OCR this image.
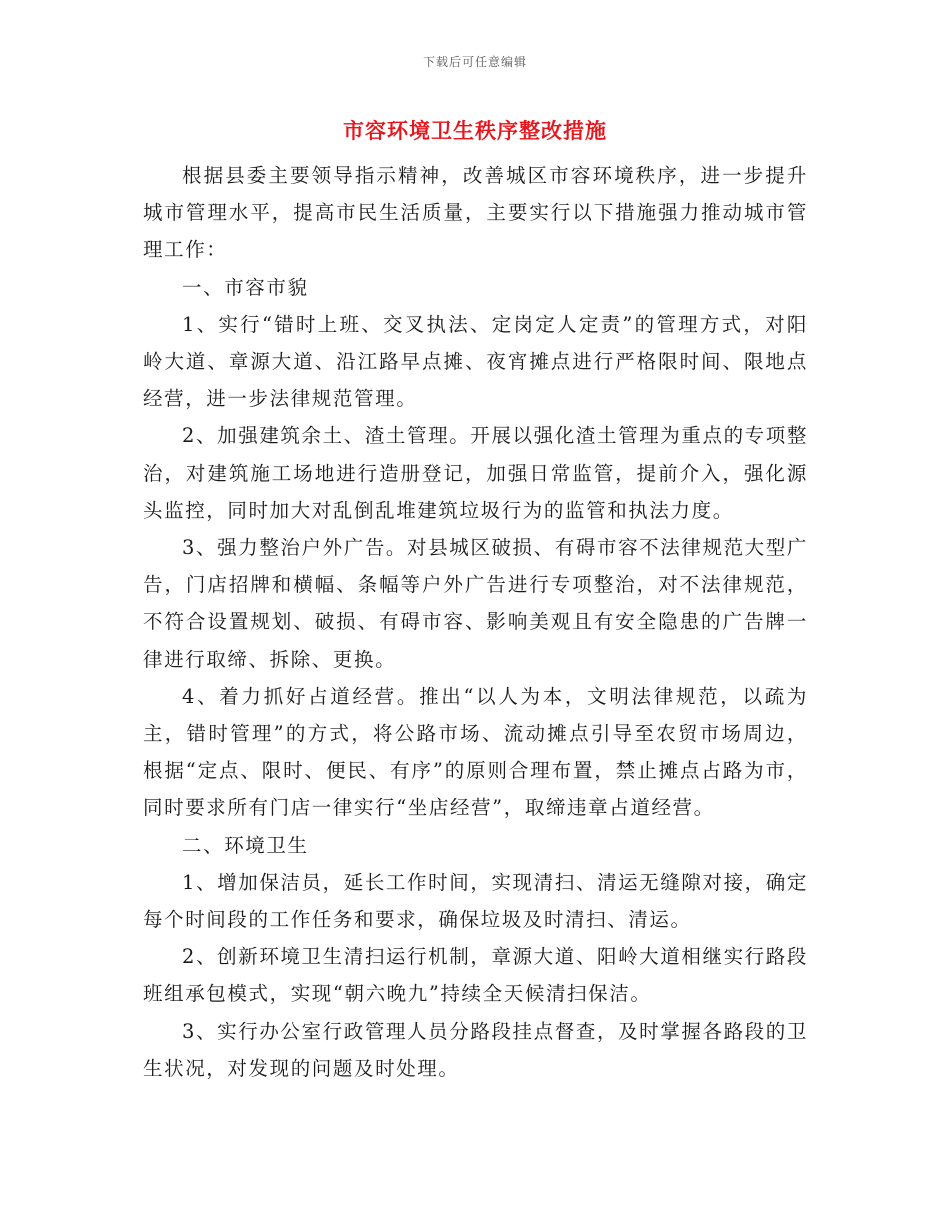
下载后可任意编辑
市容环境卫生秩序整改措施

根据县委主要领导指示精神，改善城区市容环境秩序，进一步提升城市管理水平，提高市民生活质量，主要实行以下措施强力推动城市管理工作：

一、市容市貌

1、实行“错时上班、交叉执法、定岗定人定责”的管理方式，对阳岭大道、章源大道、沿江路早点摊、夜宵摊点进行严格限时间、限地点经营，进一步法律规范管理。

2、加强建筑余土、渣土管理。开展以强化渣土管理为重点的专项整治，对建筑施工场地进行造册登记，加强日常监管，提前介入，强化源头监控，同时加大对乱倒乱堆建筑垃圾行为的监管和执法力度。

3、强力整治户外广告。对县城区破损、有碍市容不法律规范大型广告，门店招牌和横幅、条幅等户外广告进行专项整治，对不法律规范，不符合设置规划、破损、有碍市容、影响美观且有安全隐患的广告牌一律进行取缔、拆除、更换。

4、着力抓好占道经营。推出“以人为本，文明法律规范，以疏为主，错时管理”的方式，将公路市场、流动摊点引导至农贸市场周边，根据“定点、限时、便民、有序”的原则合理布置，禁止摊点占路为市，同时要求所有门店一律实行“坐店经营”，取缔违章占道经营。

二、环境卫生

1、增加保洁员，延长工作时间，实现清扫、清运无缝隙对接，确定每个时间段的工作任务和要求，确保垃圾及时清扫、清运。

2、创新环境卫生清扫运行机制，章源大道、阳岭大道相继实行路段班组承包模式，实现“朝六晚九”持续全天候清扫保洁。

3、实行办公室行政管理人员分路段挂点督查，及时掌握各路段的卫生状况，对发现的问题及时处理。
